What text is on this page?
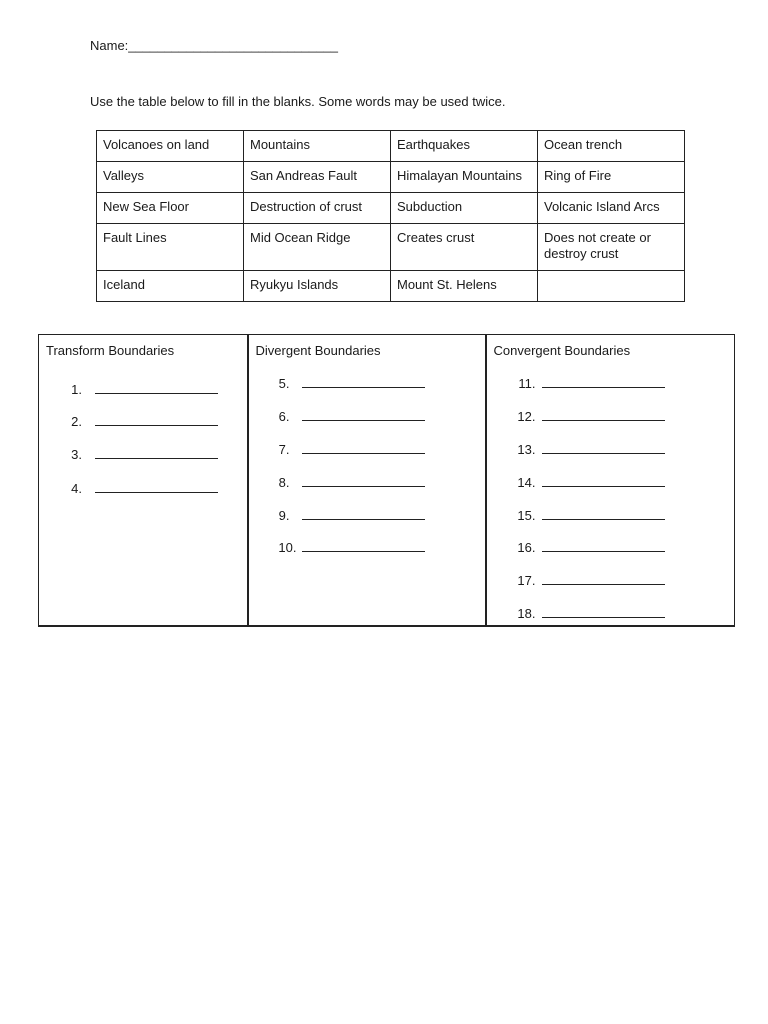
Name:_____________________________
Use the table below to fill in the blanks. Some words may be used twice.
Volcanoes on land	Mountains	Earthquakes	Ocean trench
Valleys	San Andreas Fault	Himalayan Mountains	Ring of Fire
New Sea Floor	Destruction of crust	Subduction	Volcanic Island Arcs
Fault Lines	Mid Ocean Ridge	Creates crust	Does not create or destroy crust
Iceland	Ryukyu Islands	Mount St. Helens	
Transform Boundaries
1.
2.
3.
4.

Divergent Boundaries
5.
6.
7.
8.
9.
10.

Convergent Boundaries
11.
12.
13.
14.
15.
16.
17.
18.
